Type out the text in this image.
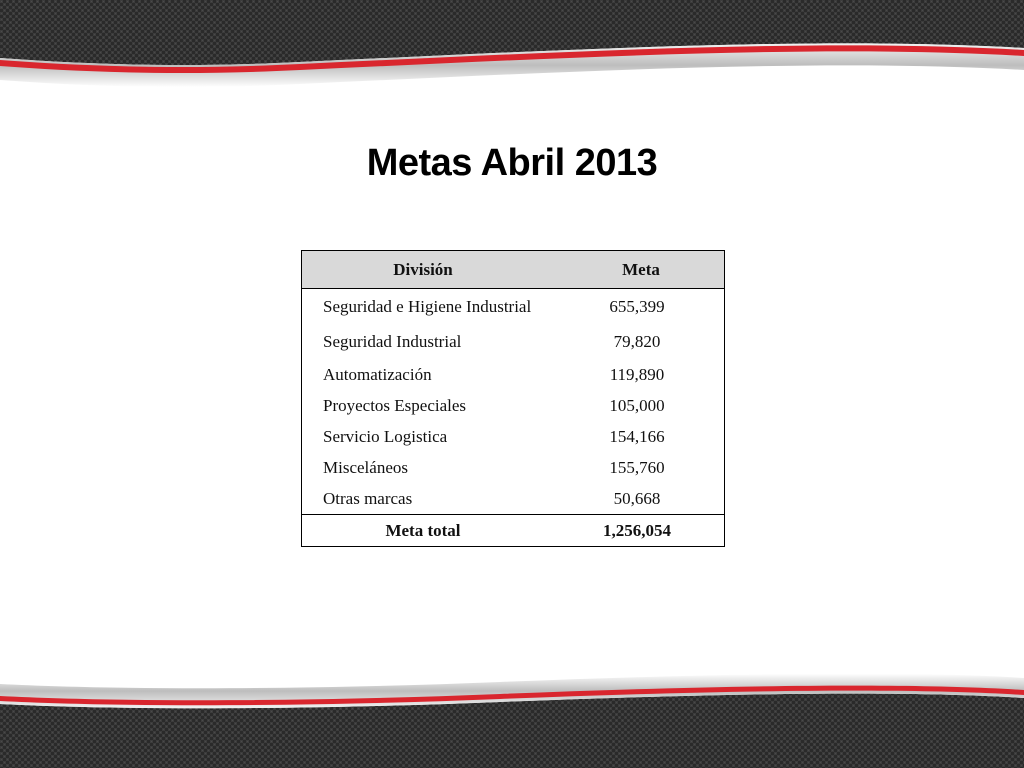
Metas Abril 2013
División	Meta
Seguridad e Higiene Industrial	655,399
Seguridad Industrial	79,820
Automatización	119,890
Proyectos Especiales	105,000
Servicio Logistica	154,166
Misceláneos	155,760
Otras marcas	50,668
Meta total	1,256,054
